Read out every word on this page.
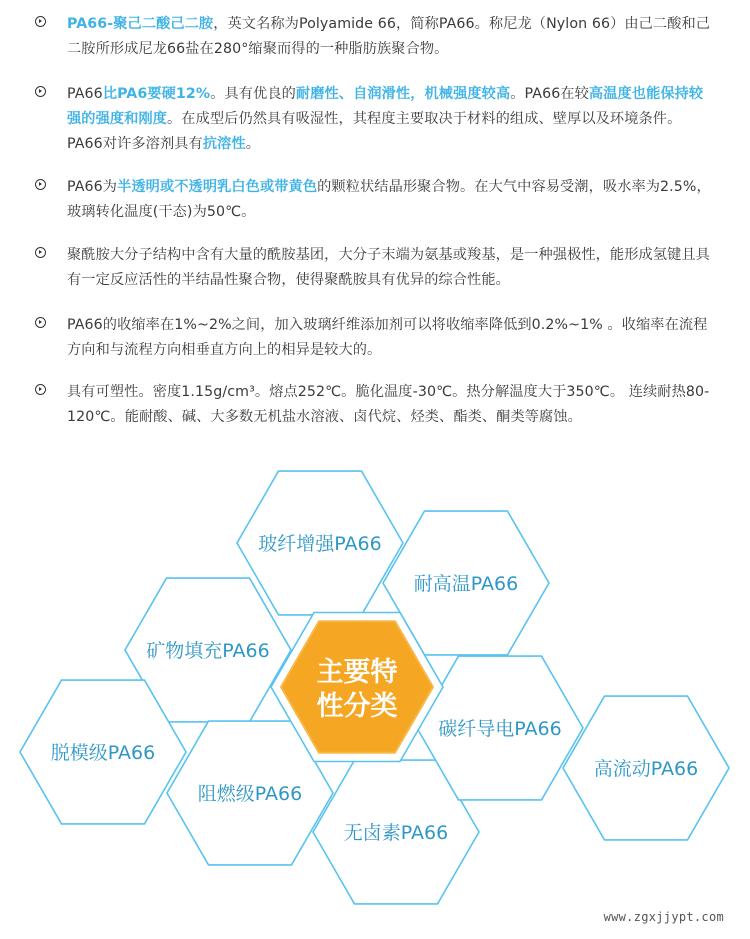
PA66-聚己二酸己二胺，英文名称为Polyamide 66，简称PA66。称尼龙（Nylon 66）由己二酸和己二胺所形成尼龙66盐在280°缩聚而得的一种脂肪族聚合物。
PA66比PA6要硬12%。具有优良的耐磨性、自润滑性，机械强度较高。PA66在较高温度也能保持较强的强度和刚度。在成型后仍然具有吸湿性，其程度主要取决于材料的组成、壁厚以及环境条件。PA66对许多溶剂具有抗溶性。
PA66为半透明或不透明乳白色或带黄色的颗粒状结晶形聚合物。在大气中容易受潮，吸水率为2.5%，玻璃转化温度(干态)为50℃。
聚酰胺大分子结构中含有大量的酰胺基团，大分子末端为氨基或羧基，是一种强极性，能形成氢键且具有一定反应活性的半结晶性聚合物，使得聚酰胺具有优异的综合性能。
PA66的收缩率在1%~2%之间，加入玻璃纤维添加剂可以将收缩率降低到0.2%~1% 。收缩率在流程方向和与流程方向相垂直方向上的相异是较大的。
具有可塑性。密度1.15g/cm³。熔点252℃。脆化温度-30℃。热分解温度大于350℃。 连续耐热80-120℃。能耐酸、碱、大多数无机盐水溶液、卤代烷、烃类、酯类、酮类等腐蚀。
玻纤增强PA66
耐高温PA66
矿物填充PA66
脱模级PA66
阻燃级PA66
无卤素PA66
碳纤导电PA66
高流动PA66
主要特
性分类
www.zgxjjypt.com
